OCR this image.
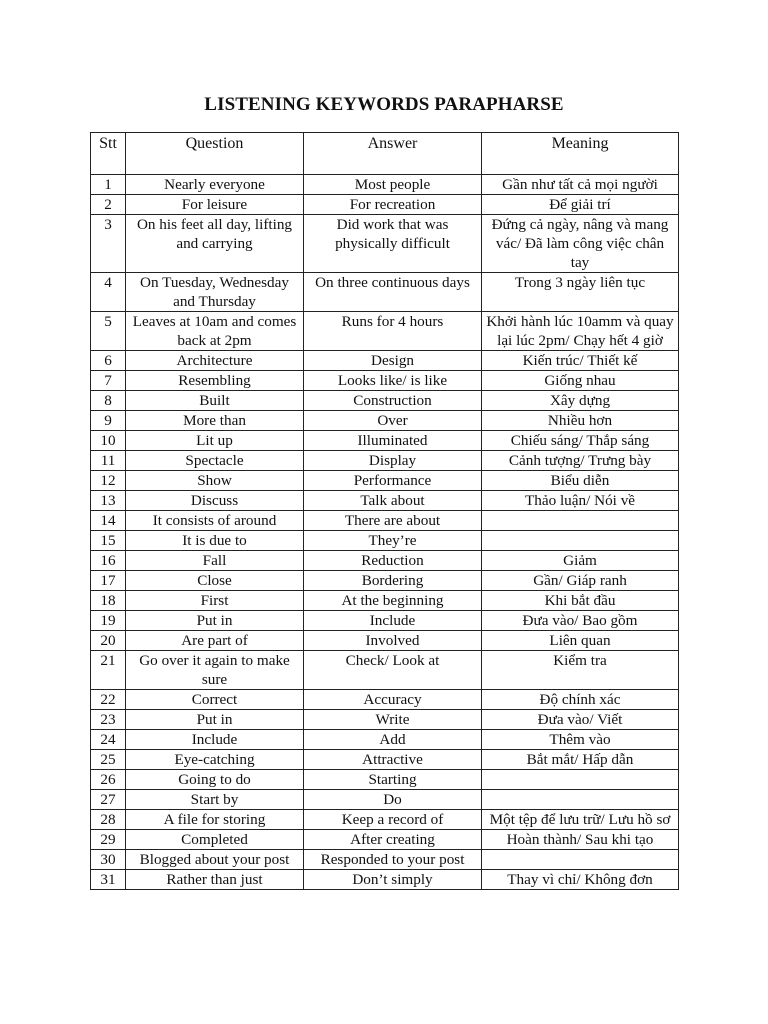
LISTENING KEYWORDS PARAPHARSE
Stt	Question	Answer	Meaning
1	Nearly everyone	Most people	Gần như tất cả mọi người
2	For leisure	For recreation	Để giải trí
3	On his feet all day, lifting and carrying	Did work that was physically difficult	Đứng cả ngày, nâng và mang vác/ Đã làm công việc chân tay
4	On Tuesday, Wednesday and Thursday	On three continuous days	Trong 3 ngày liên tục
5	Leaves at 10am and comes back at 2pm	Runs for 4 hours	Khởi hành lúc 10amm và quay lại lúc 2pm/ Chạy hết 4 giờ
6	Architecture	Design	Kiến trúc/ Thiết kế
7	Resembling	Looks like/ is like	Giống nhau
8	Built	Construction	Xây dựng
9	More than	Over	Nhiều hơn
10	Lit up	Illuminated	Chiếu sáng/ Thắp sáng
11	Spectacle	Display	Cảnh tượng/ Trưng bày
12	Show	Performance	Biểu diễn
13	Discuss	Talk about	Thảo luận/ Nói về
14	It consists of around	There are about	
15	It is due to	They’re	
16	Fall	Reduction	Giảm
17	Close	Bordering	Gần/ Giáp ranh
18	First	At the beginning	Khi bắt đầu
19	Put in	Include	Đưa vào/ Bao gồm
20	Are part of	Involved	Liên quan
21	Go over it again to make sure	Check/ Look at	Kiểm tra
22	Correct	Accuracy	Độ chính xác
23	Put in	Write	Đưa vào/ Viết
24	Include	Add	Thêm vào
25	Eye-catching	Attractive	Bắt mắt/ Hấp dẫn
26	Going to do	Starting	
27	Start by	Do	
28	A file for storing	Keep a record of	Một tệp để lưu trữ/ Lưu hồ sơ
29	Completed	After creating	Hoàn thành/ Sau khi tạo
30	Blogged about your post	Responded to your post	
31	Rather than just	Don’t simply	Thay vì chỉ/ Không đơn
